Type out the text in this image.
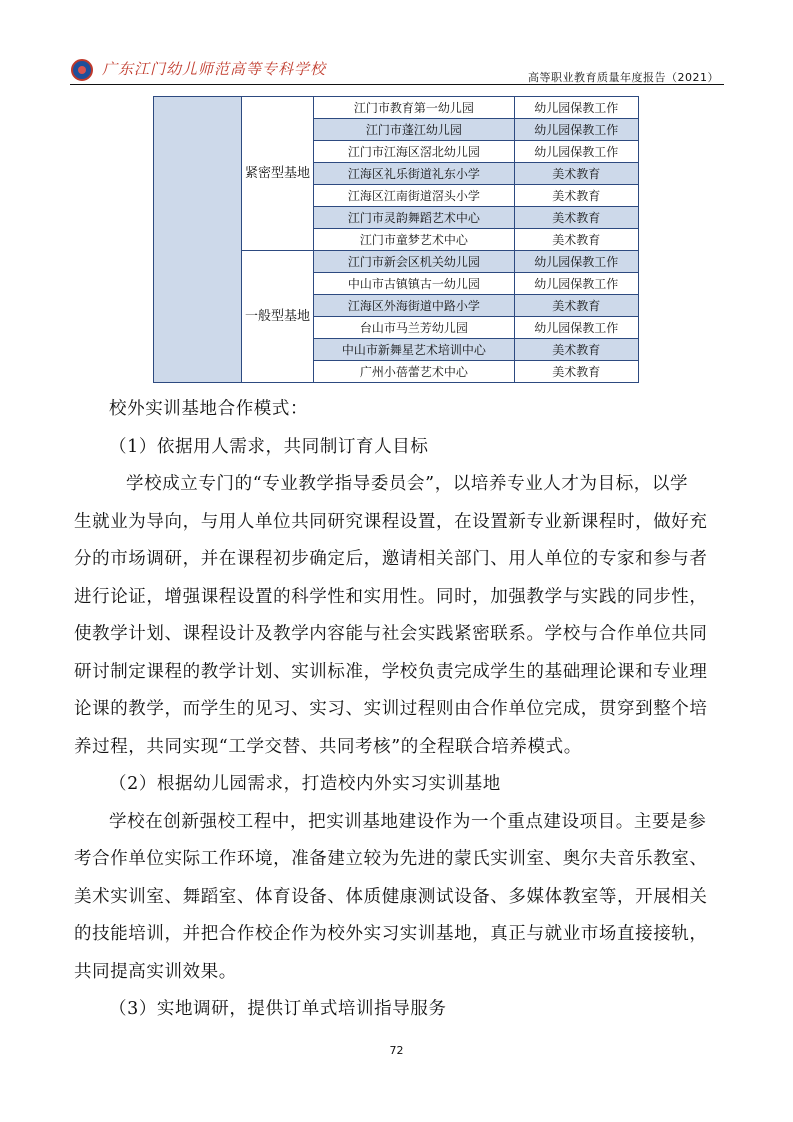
广东江门幼儿师范高等专科学校	高等职业教育质量年度报告（2021）
	紧密型基地	江门市教育第一幼儿园	幼儿园保教工作
		江门市蓬江幼儿园	幼儿园保教工作
		江门市江海区滘北幼儿园	幼儿园保教工作
		江海区礼乐街道礼东小学	美术教育
		江海区江南街道滘头小学	美术教育
		江门市灵韵舞蹈艺术中心	美术教育
		江门市童梦艺术中心	美术教育
	一般型基地	江门市新会区机关幼儿园	幼儿园保教工作
		中山市古镇镇古一幼儿园	幼儿园保教工作
		江海区外海街道中路小学	美术教育
		台山市马兰芳幼儿园	幼儿园保教工作
		中山市新舞星艺术培训中心	美术教育
		广州小蓓蕾艺术中心	美术教育

校外实训基地合作模式：

（1）依据用人需求，共同制订育人目标

学校成立专门的“专业教学指导委员会”，以培养专业人才为目标，以学

生就业为导向，与用人单位共同研究课程设置，在设置新专业新课程时，做好充

分的市场调研，并在课程初步确定后，邀请相关部门、用人单位的专家和参与者

进行论证，增强课程设置的科学性和实用性。同时，加强教学与实践的同步性，

使教学计划、课程设计及教学内容能与社会实践紧密联系。学校与合作单位共同

研讨制定课程的教学计划、实训标准，学校负责完成学生的基础理论课和专业理

论课的教学，而学生的见习、实习、实训过程则由合作单位完成，贯穿到整个培

养过程，共同实现“工学交替、共同考核”的全程联合培养模式。

（2）根据幼儿园需求，打造校内外实习实训基地

学校在创新强校工程中，把实训基地建设作为一个重点建设项目。主要是参

考合作单位实际工作环境，准备建立较为先进的蒙氏实训室、奥尔夫音乐教室、

美术实训室、舞蹈室、体育设备、体质健康测试设备、多媒体教室等，开展相关

的技能培训，并把合作校企作为校外实习实训基地，真正与就业市场直接接轨，

共同提高实训效果。

（3）实地调研，提供订单式培训指导服务

72
